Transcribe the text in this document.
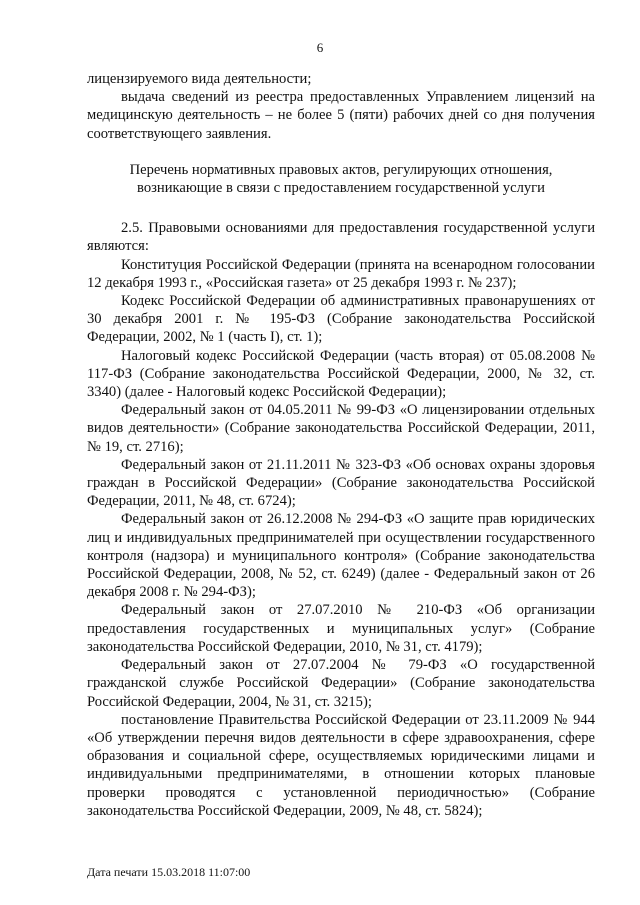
6

лицензируемого вида деятельности;

выдача сведений из реестра предоставленных Управлением лицензий на медицинскую деятельность – не более 5 (пяти) рабочих дней со дня получения соответствующего заявления.

Перечень нормативных правовых актов, регулирующих отношения, возникающие в связи с предоставлением государственной услуги

2.5. Правовыми основаниями для предоставления государственной услуги являются:

Конституция Российской Федерации (принята на всенародном голосовании 12 декабря 1993 г., «Российская газета» от 25 декабря 1993 г. № 237);

Кодекс Российской Федерации об административных правонарушениях от 30 декабря 2001 г. № 195-ФЗ (Собрание законодательства Российской Федерации, 2002, № 1 (часть I), ст. 1);

Налоговый кодекс Российской Федерации (часть вторая) от 05.08.2008 № 117-ФЗ (Собрание законодательства Российской Федерации, 2000, № 32, ст. 3340) (далее - Налоговый кодекс Российской Федерации);

Федеральный закон от 04.05.2011 № 99-ФЗ «О лицензировании отдельных видов деятельности» (Собрание законодательства Российской Федерации, 2011, № 19, ст. 2716);

Федеральный закон от 21.11.2011 № 323-ФЗ «Об основах охраны здоровья граждан в Российской Федерации» (Собрание законодательства Российской Федерации, 2011, № 48, ст. 6724);

Федеральный закон от 26.12.2008 № 294-ФЗ «О защите прав юридических лиц и индивидуальных предпринимателей при осуществлении государственного контроля (надзора) и муниципального контроля» (Собрание законодательства Российской Федерации, 2008, № 52, ст. 6249) (далее - Федеральный закон от 26 декабря 2008 г. № 294-ФЗ);

Федеральный закон от 27.07.2010 № 210-ФЗ «Об организации предоставления государственных и муниципальных услуг» (Собрание законодательства Российской Федерации, 2010, № 31, ст. 4179);

Федеральный закон от 27.07.2004 № 79-ФЗ «О государственной гражданской службе Российской Федерации» (Собрание законодательства Российской Федерации, 2004, № 31, ст. 3215);

постановление Правительства Российской Федерации от 23.11.2009 № 944 «Об утверждении перечня видов деятельности в сфере здравоохранения, сфере образования и социальной сфере, осуществляемых юридическими лицами и индивидуальными предпринимателями, в отношении которых плановые проверки проводятся с установленной периодичностью» (Собрание законодательства Российской Федерации, 2009, № 48, ст. 5824);

Дата печати 15.03.2018 11:07:00
